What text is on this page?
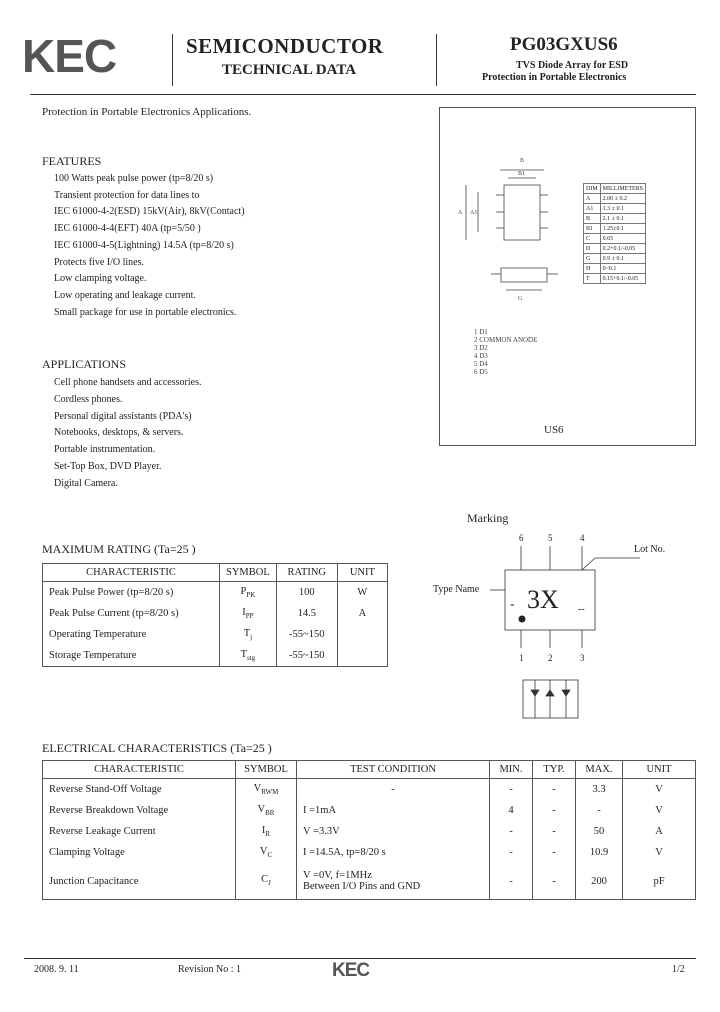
KEC	SEMICONDUCTOR
TECHNICAL DATA
PG03GXUS6
TVS Diode Array for ESD
Protection in Portable Electronics
Protection in Portable Electronics Applications.
FEATURES
100 Watts peak pulse power (tp=8/20 s)
Transient protection for data lines to
IEC 61000-4-2(ESD) 15kV(Air), 8kV(Contact)
IEC 61000-4-4(EFT) 40A (tp=5/50 )
IEC 61000-4-5(Lightning) 14.5A (tp=8/20 s)
Protects five I/O lines.
Low clamping voltage.
Low operating and leakage current.
Small package for use in portable electronics.
APPLICATIONS
Cell phone handsets and accessories.
Cordless phones.
Personal digital assistants (PDA's)
Notebooks, desktops, & servers.
Portable instrumentation.
Set-Top Box, DVD Player.
Digital Camera.
B
B1
A A1
G
DIM	MILLIMETERS
A	2.00 ± 0.2
A1	1.3 ± 0.1
B	2.1 ± 0.1
B1	1.25±0.1
C	0.65
D	0.2+0.1/-0.05
G	0.9 ± 0.1
H	0~0.1
T	0.15+0.1/-0.05
1 D1
2 COMMON ANODE
3 D2
4 D3
5 D4
6 D5
US6
Marking
Lot No.
Type Name
6	5	4
1	2	3
- 3X --
MAXIMUM RATING (Ta=25 )
CHARACTERISTIC	SYMBOL	RATING	UNIT
Peak Pulse Power (tp=8/20 s)	$P_{PK}$	100	W
Peak Pulse Current (tp=8/20 s)	$I_{PP}$	14.5	A
Operating Temperature	$T_j$	-55~150	
Storage Temperature	$T_{stg}$	-55~150	
ELECTRICAL CHARACTERISTICS (Ta=25 )
CHARACTERISTIC	SYMBOL	TEST CONDITION	MIN.	TYP.	MAX.	UNIT
Reverse Stand-Off Voltage	$V_{RWM}$	-	-	-	3.3	V
Reverse Breakdown Voltage	$V_{BR}$	I =1mA	4	-	-	V
Reverse Leakage Current	$I_R$	V =3.3V	-	-	50	A
Clamping Voltage	$V_C$	I =14.5A, tp=8/20 s	-	-	10.9	V
Junction Capacitance	$C_J$	V =0V, f=1MHz
Between I/O Pins and GND	-	-	200	pF
2008. 9. 11	Revision No : 1	KEC	1/2
